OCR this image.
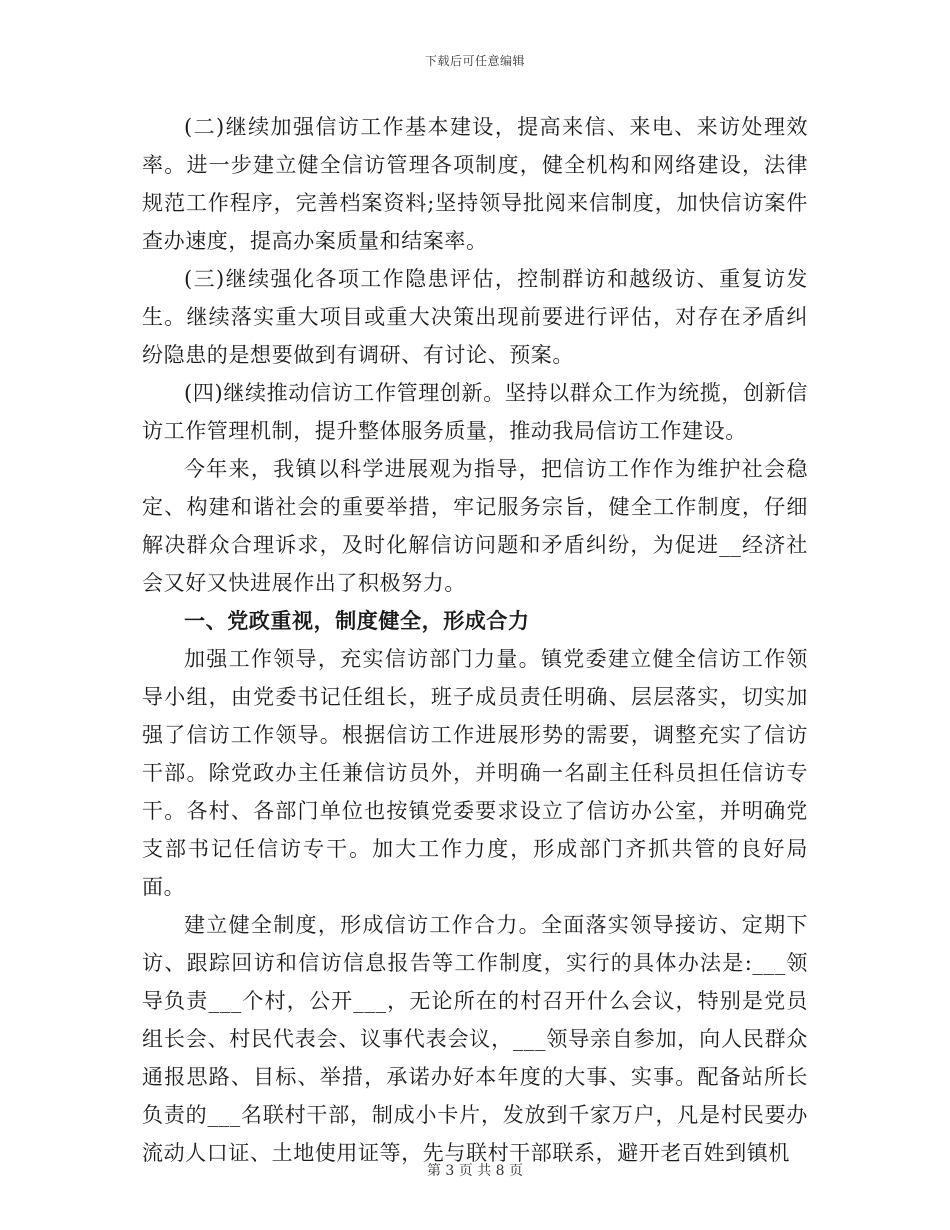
下载后可任意编辑

(二)继续加强信访工作基本建设，提高来信、来电、来访处理效率。进一步建立健全信访管理各项制度，健全机构和网络建设，法律规范工作程序，完善档案资料;坚持领导批阅来信制度，加快信访案件查办速度，提高办案质量和结案率。

(三)继续强化各项工作隐患评估，控制群访和越级访、重复访发生。继续落实重大项目或重大决策出现前要进行评估，对存在矛盾纠纷隐患的是想要做到有调研、有讨论、预案。

(四)继续推动信访工作管理创新。坚持以群众工作为统揽，创新信访工作管理机制，提升整体服务质量，推动我局信访工作建设。

今年来，我镇以科学进展观为指导，把信访工作作为维护社会稳定、构建和谐社会的重要举措，牢记服务宗旨，健全工作制度，仔细解决群众合理诉求，及时化解信访问题和矛盾纠纷，为促进__经济社会又好又快进展作出了积极努力。

一、党政重视，制度健全，形成合力

加强工作领导，充实信访部门力量。镇党委建立健全信访工作领导小组，由党委书记任组长，班子成员责任明确、层层落实，切实加强了信访工作领导。根据信访工作进展形势的需要，调整充实了信访干部。除党政办主任兼信访员外，并明确一名副主任科员担任信访专干。各村、各部门单位也按镇党委要求设立了信访办公室，并明确党支部书记任信访专干。加大工作力度，形成部门齐抓共管的良好局面。

建立健全制度，形成信访工作合力。全面落实领导接访、定期下访、跟踪回访和信访信息报告等工作制度，实行的具体办法是:___领导负责___个村，公开___，无论所在的村召开什么会议，特别是党员组长会、村民代表会、议事代表会议，___领导亲自参加，向人民群众通报思路、目标、举措，承诺办好本年度的大事、实事。配备站所长负责的___名联村干部，制成小卡片，发放到千家万户，凡是村民要办流动人口证、土地使用证等，先与联村干部联系，避开老百姓到镇机

第 3 页 共 8 页
